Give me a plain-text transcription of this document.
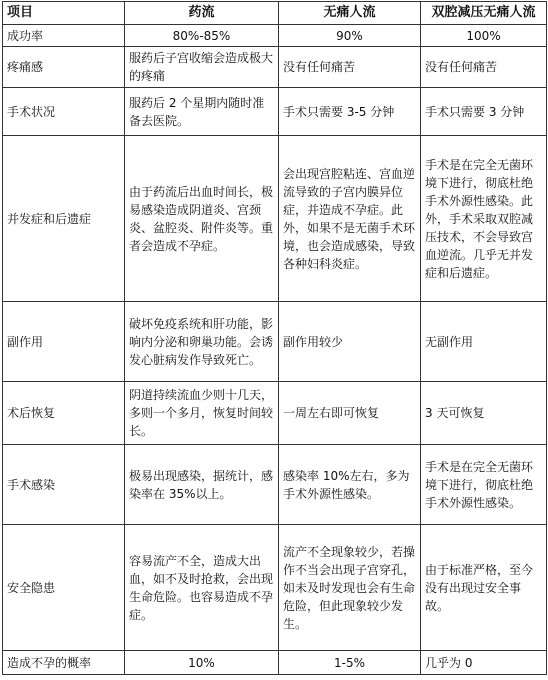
项目	药流	无痛人流	双腔减压无痛人流
成功率	80%-85%	90%	100%
疼痛感	服药后子宫收缩会造成极大的疼痛	没有任何痛苦	没有任何痛苦
手术状况	服药后 2 个星期内随时准备去医院。	手术只需要 3-5 分钟	手术只需要 3 分钟
并发症和后遗症	由于药流后出血时间长，极易感染造成阴道炎、宫颈炎、盆腔炎、附件炎等。重者会造成不孕症。	会出现宫腔粘连、宫血逆流导致的子宫内膜异位症，并造成不孕症。此外，如果不是无菌手术环境，也会造成感染，导致各种妇科炎症。	手术是在完全无菌环境下进行，彻底杜绝手术外源性感染。此外，手术采取双腔减压技术，不会导致宫血逆流。几乎无并发症和后遗症。
副作用	破坏免疫系统和肝功能，影响内分泌和卵巢功能。会诱发心脏病发作导致死亡。	副作用较少	无副作用
术后恢复	阴道持续流血少则十几天，多则一个多月，恢复时间较长。	一周左右即可恢复	3 天可恢复
手术感染	极易出现感染，据统计，感染率在 35%以上。	感染率 10%左右，多为手术外源性感染。	手术是在完全无菌环境下进行，彻底杜绝手术外源性感染。
安全隐患	容易流产不全，造成大出血，如不及时抢救，会出现生命危险。也容易造成不孕症。	流产不全现象较少，若操作不当会出现子宫穿孔，如未及时发现也会有生命危险，但此现象较少发生。	由于标准严格，至今没有出现过安全事故。
造成不孕的概率	10%	1-5%	几乎为 0
